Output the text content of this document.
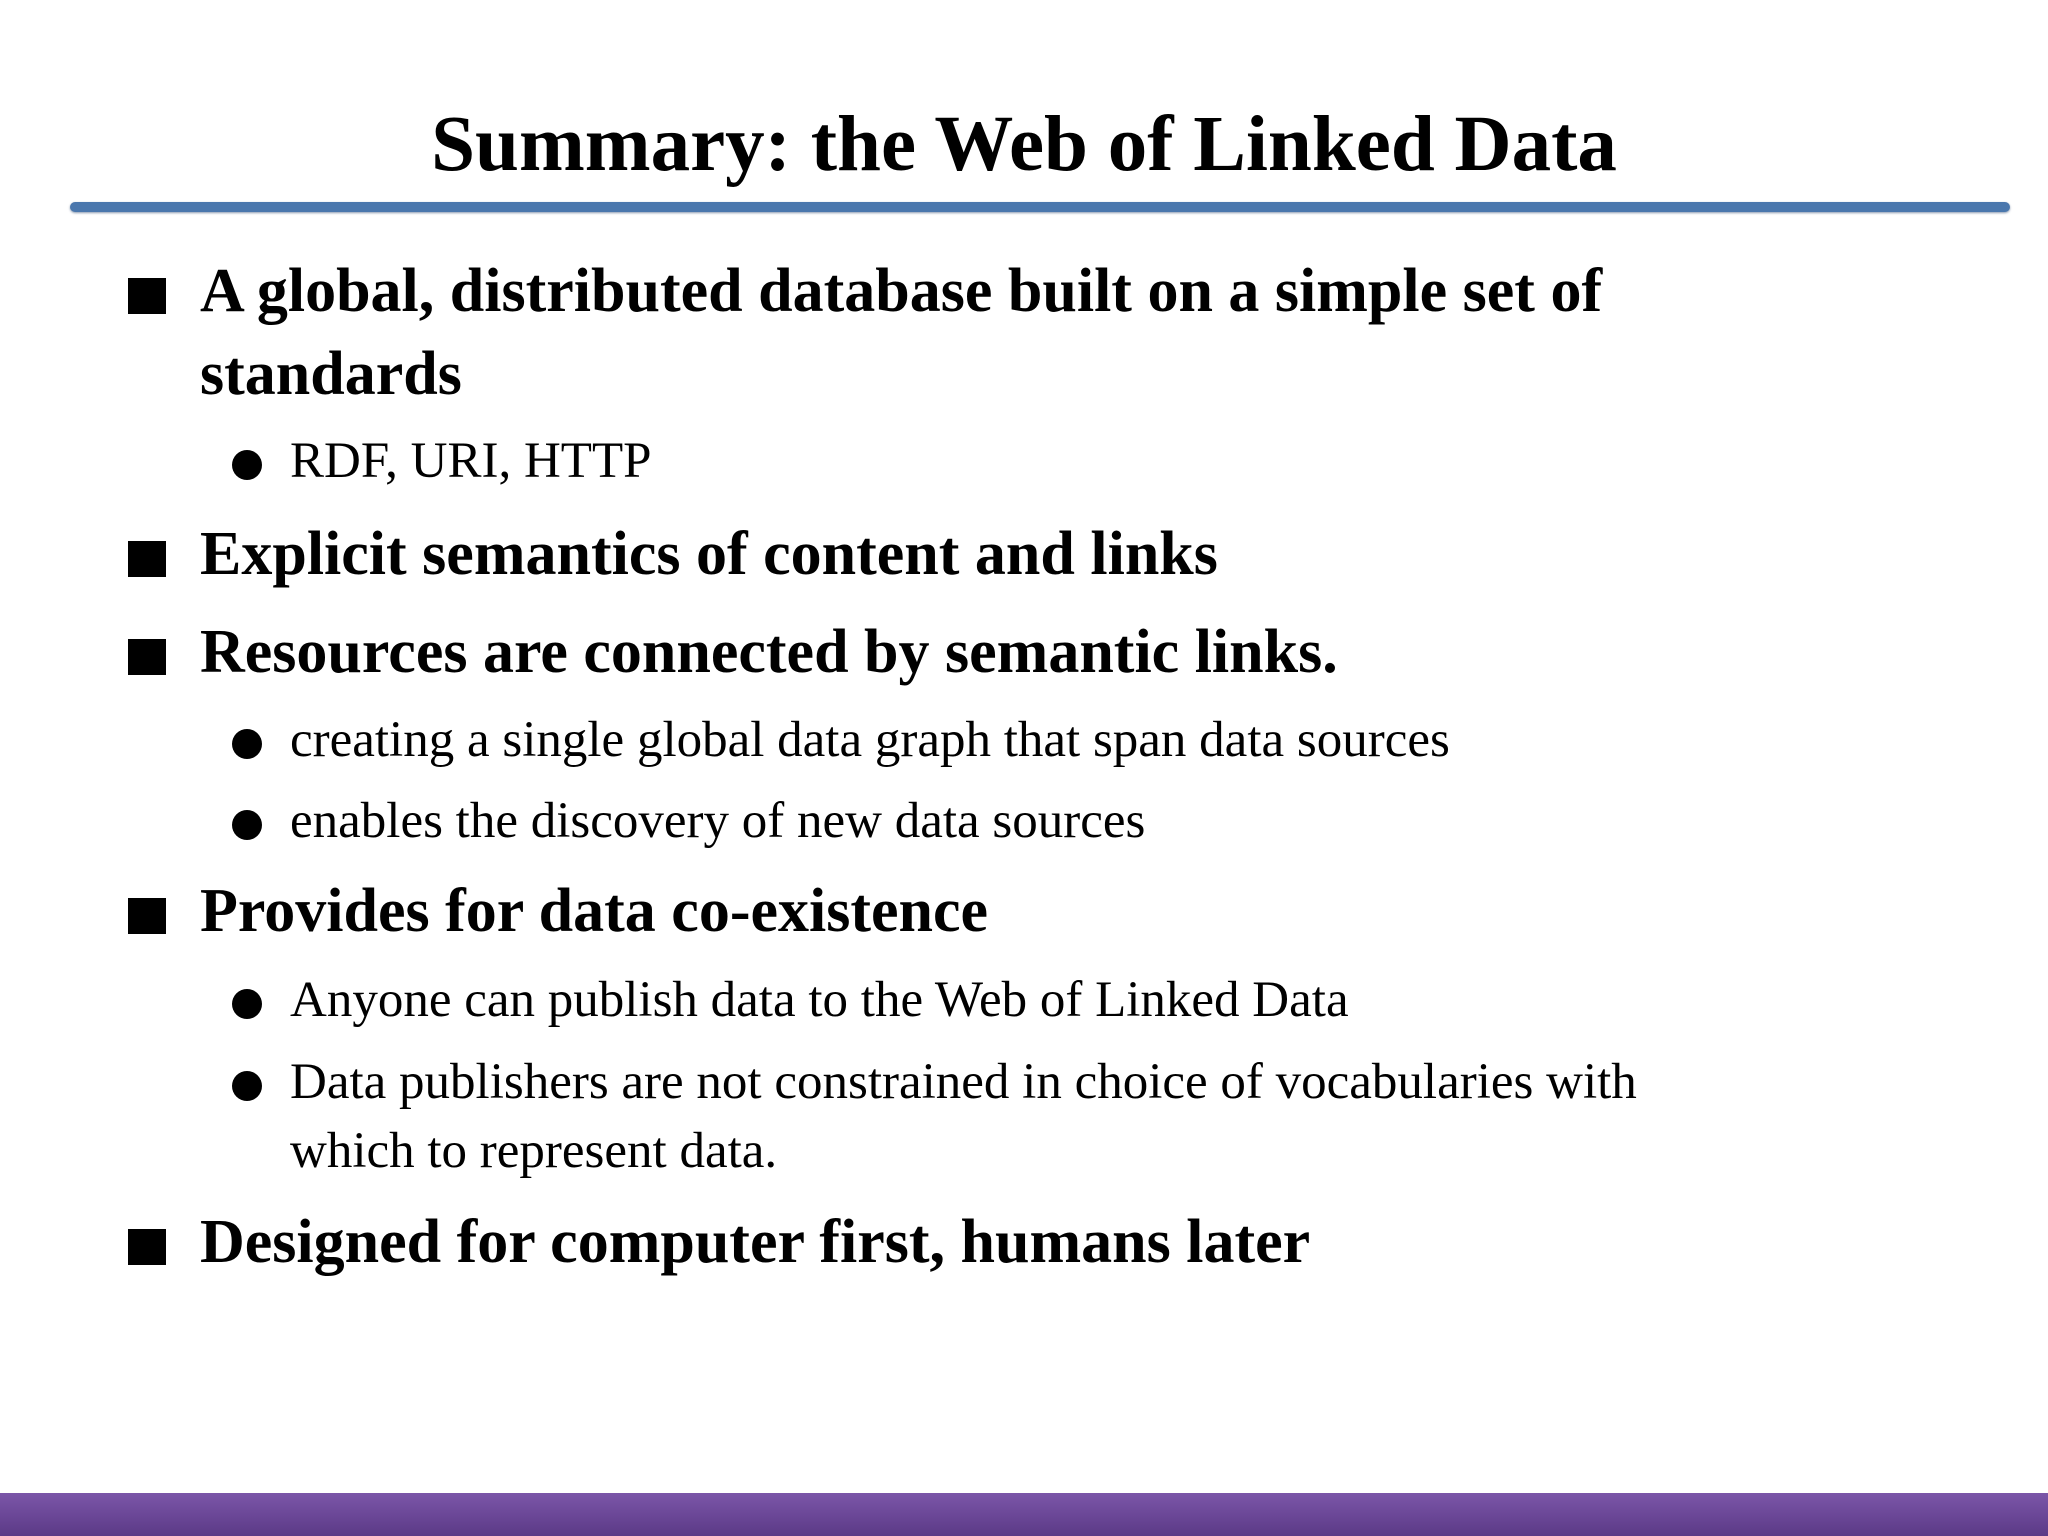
Summary: the Web of Linked Data
A global, distributed database built on a simple set of
standards
RDF, URI, HTTP
Explicit semantics of content and links
Resources are connected by semantic links.
creating a single global data graph that span data sources
enables the discovery of new data sources
Provides for data co-existence
Anyone can publish data to the Web of Linked Data
Data publishers are not constrained in choice of vocabularies with
which to represent data.
Designed for computer first, humans later
